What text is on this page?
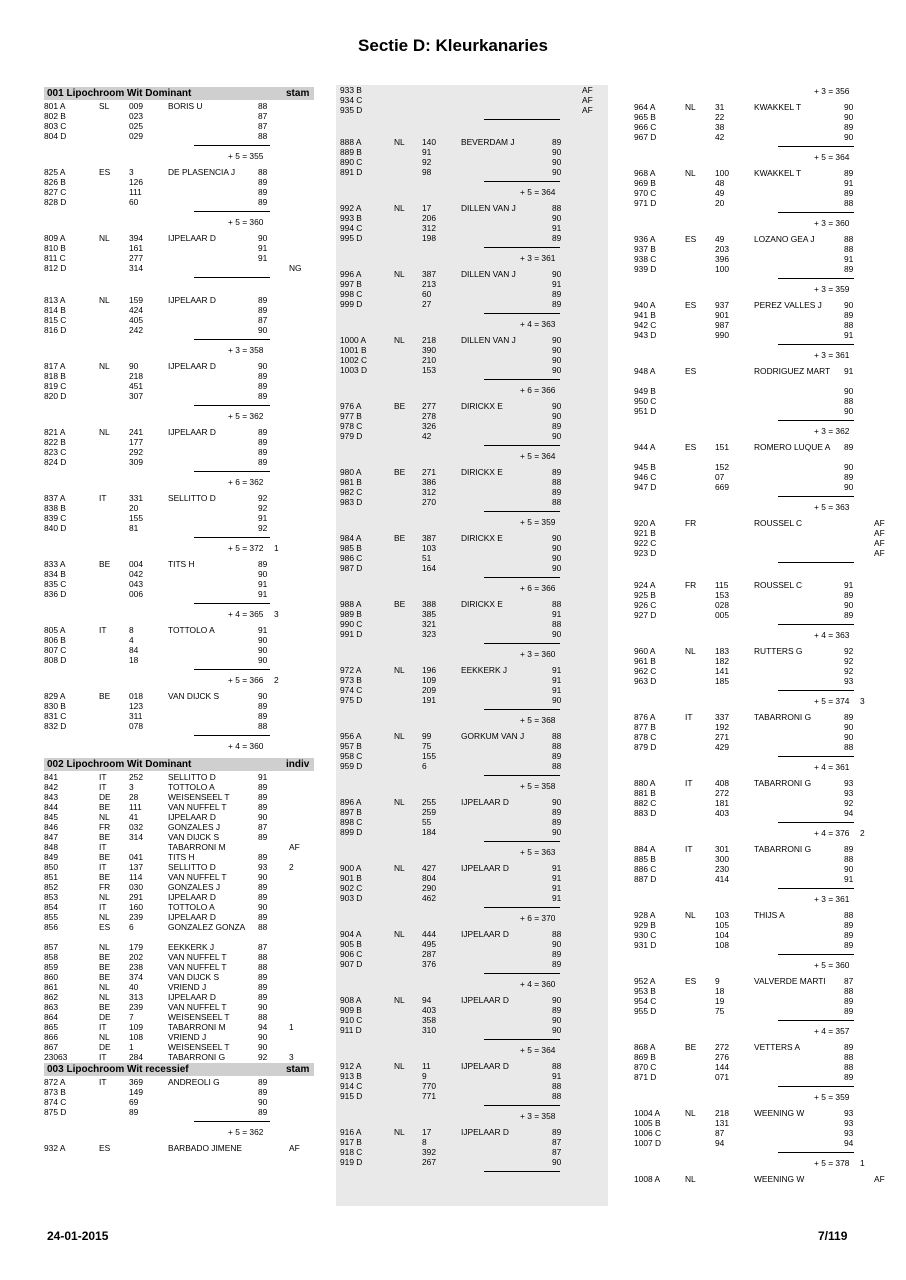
Sectie D: Kleurkanaries
001 Lipochroom Wit Dominant	stam
801 A	SL 009	BORIS U	88
802 B	023	87
803 C	025	87
804 D	029	88
+ 5 = 355
825 A	ES 3	DE PLASENCIA J	88
826 B	126	89
827 C	111	89
828 D	60	89
+ 5 = 360
809 A	NL 394	IJPELAAR D	90
810 B	161	91
811 C	277	91
812 D	314	NG
813 A	NL 159	IJPELAAR D	89
814 B	424	89
815 C	405	87
816 D	242	90
+ 3 = 358
817 A	NL 90	IJPELAAR D	90
818 B	218	89
819 C	451	89
820 D	307	89
+ 5 = 362
821 A	NL 241	IJPELAAR D	89
822 B	177	89
823 C	292	89
824 D	309	89
+ 6 = 362
837 A	IT	331	SELLITTO D	92
838 B	20	92
839 C	155	91
840 D	81	92
+ 5 = 372 1
833 A	BE 004	TITS H	89
834 B	042	90
835 C	043	91
836 D	006	91
+ 4 = 365 3
805 A	IT	8	TOTTOLO A	91
806 B	4	90
807 C	84	90
808 D	18	90
+ 5 = 366 2
829 A	BE 018	VAN DIJCK S	90
830 B	123	89
831 C	311	89
832 D	078	88
+ 4 = 360
002 Lipochroom Wit Dominant	indiv
841	IT	252	SELLITTO D	91
842	IT	3	TOTTOLO A	89
843	DE 28	WEISENSEEL T	89
844	BE 111	VAN NUFFEL T	89
845	NL 41	IJPELAAR D	90
846	FR 032	GONZALES J	87
847	BE 314	VAN DIJCK S	89
848	IT	TABARRONI M	AF
849	BE 041	TITS H	89
850	IT	137	SELLITTO D	93	2
851	BE 114	VAN NUFFEL T	90
852	FR 030	GONZALES J	89
853	NL 291	IJPELAAR D	89
854	IT	160	TOTTOLO A	90
855	NL 239	IJPELAAR D	89
856	ES 6	GONZALEZ GONZA	88
857	NL 179	EEKKERK J	87
858	BE 202	VAN NUFFEL T	88
859	BE 238	VAN NUFFEL T	88
860	BE 374	VAN DIJCK S	89
861	NL 40	VRIEND J	89
862	NL 313	IJPELAAR D	89
863	BE 239	VAN NUFFEL T	90
864	DE 7	WEISENSEEL T	88
865	IT	109	TABARRONI M	94	1
866	NL 108	VRIEND J	90
867	DE 1	WEISENSEEL T	90
23063	IT	284	TABARRONI G	92	3
003 Lipochroom Wit recessief	stam
872 A	IT	369	ANDREOLI G	89
873 B	149	89
874 C	69	90
875 D	89	89
+ 5 = 362
932 A	ES	BARBADO JIMENE	AF
933 B	AF
934 C	AF
935 D	AF
888 A	NL 140	BEVERDAM J	89
889 B	91	90
890 C	92	90
891 D	98	90
+ 5 = 364
992 A	NL 17	DILLEN VAN J	88
993 B	206	90
994 C	312	91
995 D	198	89
+ 3 = 361
996 A	NL 387	DILLEN VAN J	90
997 B	213	91
998 C	60	89
999 D	27	89
+ 4 = 363
1000 A	NL 218	DILLEN VAN J	90
1001 B	390	90
1002 C	210	90
1003 D	153	90
+ 6 = 366
976 A	BE 277	DIRICKX E	90
977 B	278	90
978 C	326	89
979 D	42	90
+ 5 = 364
980 A	BE 271	DIRICKX E	89
981 B	386	88
982 C	312	89
983 D	270	88
+ 5 = 359
984 A	BE 387	DIRICKX E	90
985 B	103	90
986 C	51	90
987 D	164	90
+ 6 = 366
988 A	BE 388	DIRICKX E	88
989 B	385	91
990 C	321	88
991 D	323	90
+ 3 = 360
972 A	NL 196	EEKKERK J	91
973 B	109	91
974 C	209	91
975 D	191	90
+ 5 = 368
956 A	NL 99	GORKUM VAN J	88
957 B	75	88
958 C	155	89
959 D	6	88
+ 5 = 358
896 A	NL 255	IJPELAAR D	90
897 B	259	89
898 C	55	89
899 D	184	90
+ 5 = 363
900 A	NL 427	IJPELAAR D	91
901 B	804	91
902 C	290	91
903 D	462	91
+ 6 = 370
904 A	NL 444	IJPELAAR D	88
905 B	495	90
906 C	287	89
907 D	376	89
+ 4 = 360
908 A	NL 94	IJPELAAR D	90
909 B	403	89
910 C	358	90
911 D	310	90
+ 5 = 364
912 A	NL 11	IJPELAAR D	88
913 B	9	91
914 C	770	88
915 D	771	88
+ 3 = 358
916 A	NL 17	IJPELAAR D	89
917 B	8	87
918 C	392	87
919 D	267	90
+ 3 = 356
964 A	NL 31	KWAKKEL T	90
965 B	22	90
966 C	38	89
967 D	42	90
+ 5 = 364
968 A	NL 100	KWAKKEL T	89
969 B	48	91
970 C	49	89
971 D	20	88
+ 3 = 360
936 A	ES 49	LOZANO GEA J	88
937 B	203	88
938 C	396	91
939 D	100	89
+ 3 = 359
940 A	ES 937	PEREZ VALLES J	90
941 B	901	89
942 C	987	88
943 D	990	91
+ 3 = 361
948 A	ES	RODRIGUEZ MART	91
949 B	90
950 C	88
951 D	90
+ 3 = 362
944 A	ES 151	ROMERO LUQUE A	89
945 B	152	90
946 C	07	89
947 D	669	90
+ 5 = 363
920 A	FR	ROUSSEL C	AF
921 B	AF
922 C	AF
923 D	AF
924 A	FR 115	ROUSSEL C	91
925 B	153	89
926 C	028	90
927 D	005	89
+ 4 = 363
960 A	NL 183	RUTTERS G	92
961 B	182	92
962 C	141	92
963 D	185	93
+ 5 = 374 3
876 A	IT	337	TABARRONI G	89
877 B	192	90
878 C	271	90
879 D	429	88
+ 4 = 361
880 A	IT	408	TABARRONI G	93
881 B	272	93
882 C	181	92
883 D	403	94
+ 4 = 376 2
884 A	IT	301	TABARRONI G	89
885 B	300	88
886 C	230	90
887 D	414	91
+ 3 = 361
928 A	NL 103	THIJS A	88
929 B	105	89
930 C	104	89
931 D	108	89
+ 5 = 360
952 A	ES 9	VALVERDE MARTI 87
953 B	18	88
954 C	19	89
955 D	75	89
+ 4 = 357
868 A	BE 272	VETTERS A	89
869 B	276	88
870 C	144	88
871 D	071	89
+ 5 = 359
1004 A	NL 218	WEENING W	93
1005 B	131	93
1006 C	87	93
1007 D	94	94
+ 5 = 378 1
1008 A	NL	WEENING W	AF
24-01-2015	7/119
